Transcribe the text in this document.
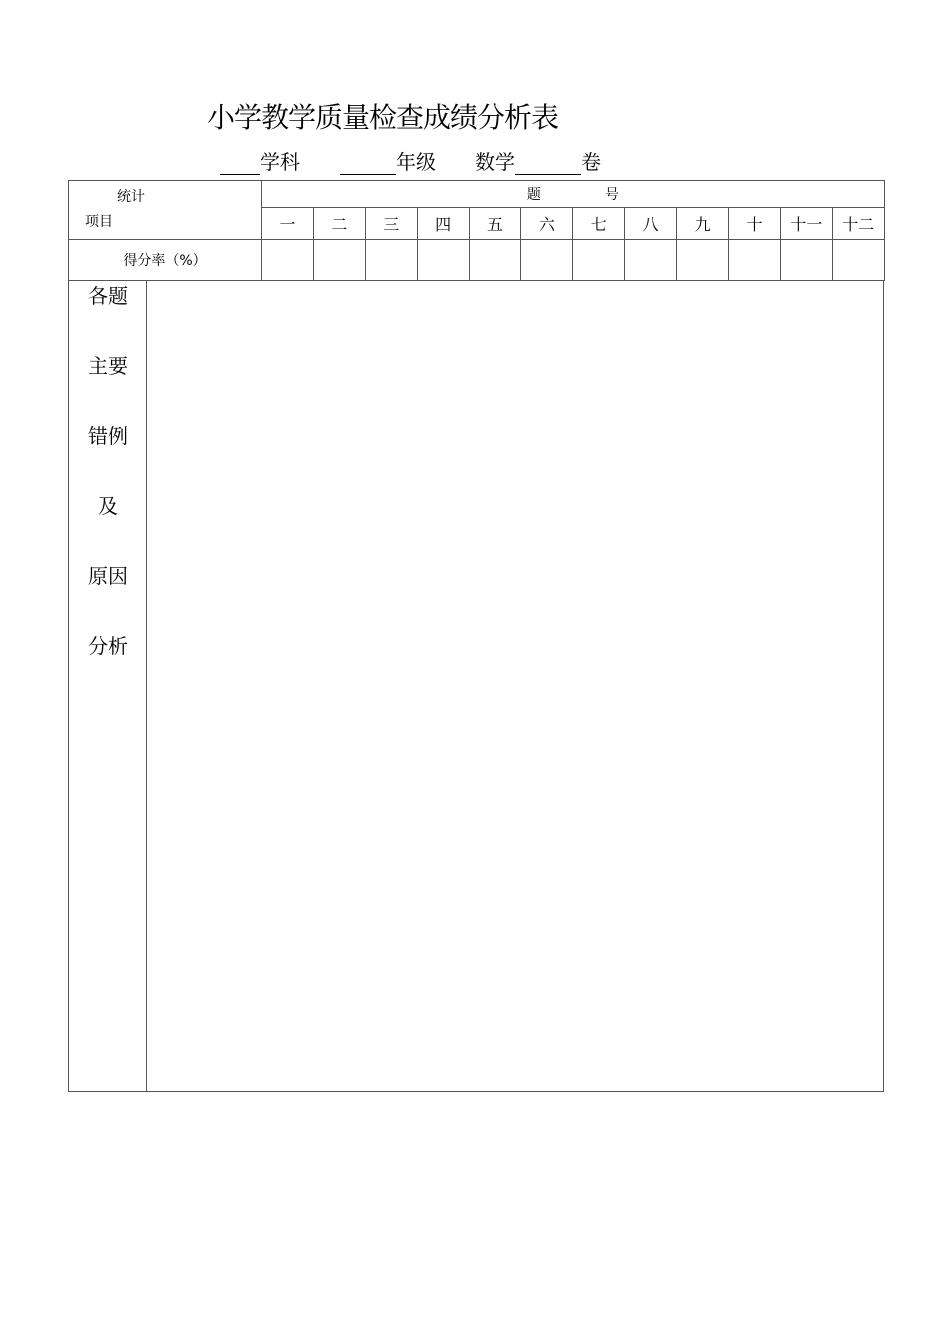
小学教学质量检查成绩分析表
学科	年级 数学	卷
统计
项目	题 号											
	一	二	三	四	五	六	七	八	九	十	十一	十二
得分率（%）												
各题
主要
错例
及
原因
分析
